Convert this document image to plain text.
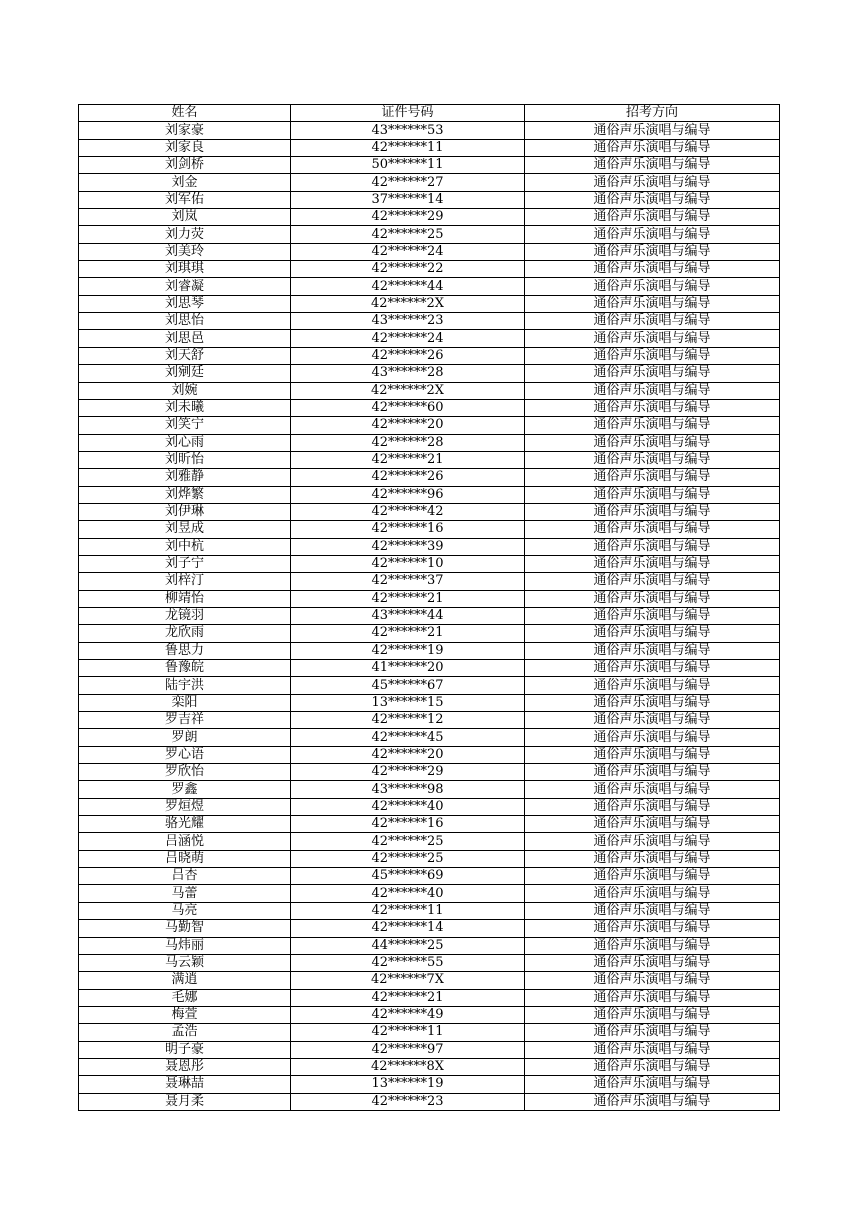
姓名	证件号码	招考方向
刘家豪	43******53	通俗声乐演唱与编导
刘家良	42******11	通俗声乐演唱与编导
刘剑桥	50******11	通俗声乐演唱与编导
刘金	42******27	通俗声乐演唱与编导
刘军佑	37******14	通俗声乐演唱与编导
刘岚	42******29	通俗声乐演唱与编导
刘力荧	42******25	通俗声乐演唱与编导
刘美玲	42******24	通俗声乐演唱与编导
刘琪琪	42******22	通俗声乐演唱与编导
刘睿凝	42******44	通俗声乐演唱与编导
刘思琴	42******2X	通俗声乐演唱与编导
刘思怡	43******23	通俗声乐演唱与编导
刘思邑	42******24	通俗声乐演唱与编导
刘天舒	42******26	通俗声乐演唱与编导
刘剜廷	43******28	通俗声乐演唱与编导
刘婉	42******2X	通俗声乐演唱与编导
刘未曦	42******60	通俗声乐演唱与编导
刘笑宁	42******20	通俗声乐演唱与编导
刘心雨	42******28	通俗声乐演唱与编导
刘昕怡	42******21	通俗声乐演唱与编导
刘雅静	42******26	通俗声乐演唱与编导
刘烨繁	42******96	通俗声乐演唱与编导
刘伊琳	42******42	通俗声乐演唱与编导
刘昱成	42******16	通俗声乐演唱与编导
刘中杭	42******39	通俗声乐演唱与编导
刘子宁	42******10	通俗声乐演唱与编导
刘梓汀	42******37	通俗声乐演唱与编导
柳靖怡	42******21	通俗声乐演唱与编导
龙镜羽	43******44	通俗声乐演唱与编导
龙欣雨	42******21	通俗声乐演唱与编导
鲁思力	42******19	通俗声乐演唱与编导
鲁豫皖	41******20	通俗声乐演唱与编导
陆宇洪	45******67	通俗声乐演唱与编导
栾阳	13******15	通俗声乐演唱与编导
罗吉祥	42******12	通俗声乐演唱与编导
罗朗	42******45	通俗声乐演唱与编导
罗心语	42******20	通俗声乐演唱与编导
罗欣怡	42******29	通俗声乐演唱与编导
罗鑫	43******98	通俗声乐演唱与编导
罗烜煜	42******40	通俗声乐演唱与编导
骆光耀	42******16	通俗声乐演唱与编导
吕涵悦	42******25	通俗声乐演唱与编导
吕晓萌	42******25	通俗声乐演唱与编导
吕杏	45******69	通俗声乐演唱与编导
马蕾	42******40	通俗声乐演唱与编导
马亮	42******11	通俗声乐演唱与编导
马勤智	42******14	通俗声乐演唱与编导
马炜丽	44******25	通俗声乐演唱与编导
马云颖	42******55	通俗声乐演唱与编导
满逍	42******7X	通俗声乐演唱与编导
毛娜	42******21	通俗声乐演唱与编导
梅萱	42******49	通俗声乐演唱与编导
孟浩	42******11	通俗声乐演唱与编导
明子豪	42******97	通俗声乐演唱与编导
聂恩彤	42******8X	通俗声乐演唱与编导
聂琳喆	13******19	通俗声乐演唱与编导
聂月柔	42******23	通俗声乐演唱与编导
